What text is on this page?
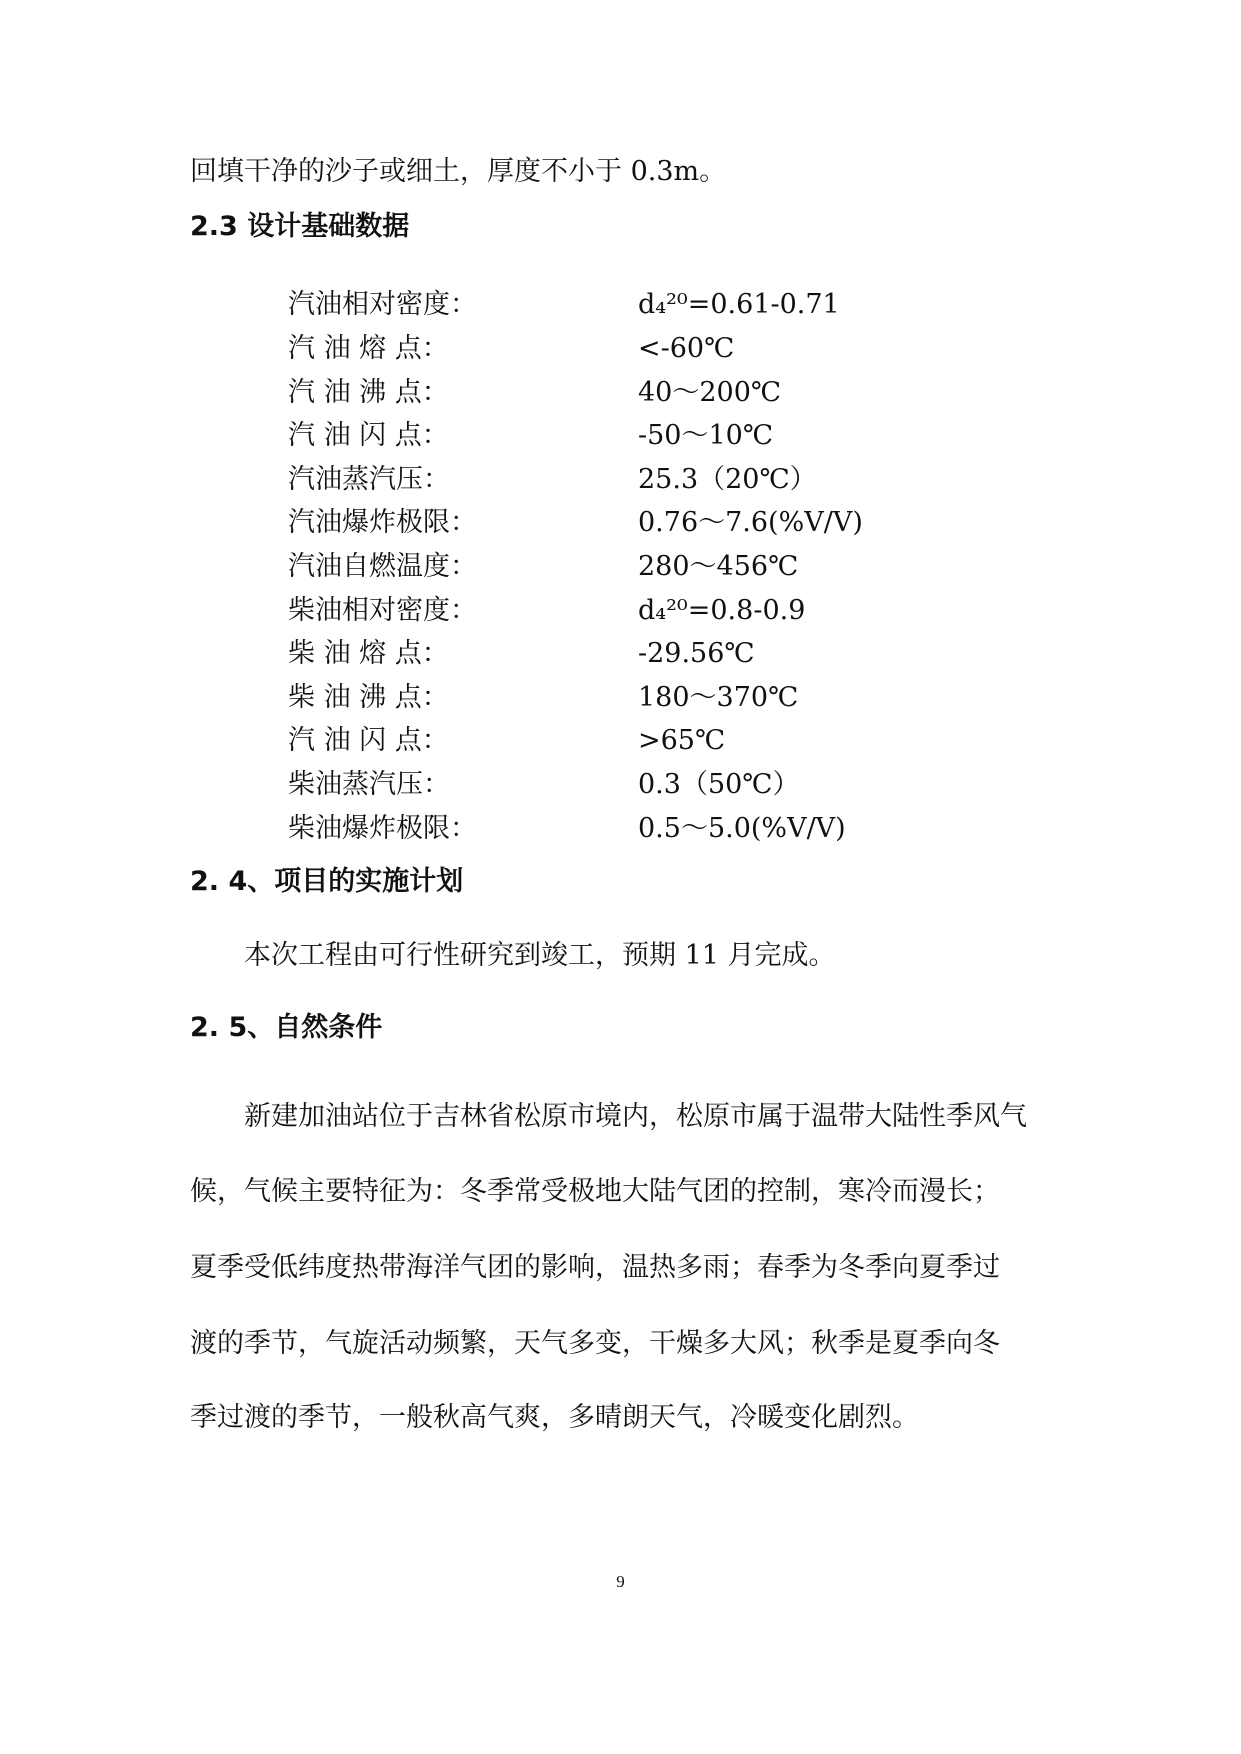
回填干净的沙子或细土，厚度不小于 0.3m。
2.3 设计基础数据
汽油相对密度：	d₄²⁰=0.61-0.71
汽 油 熔 点：	<-60℃
汽 油 沸 点：	40～200℃
汽 油 闪 点：	-50～10℃
汽油蒸汽压：	25.3（20℃）
汽油爆炸极限：	0.76～7.6(%V/V)
汽油自燃温度：	280～456℃
柴油相对密度：	d₄²⁰=0.8-0.9
柴 油 熔 点：	-29.56℃
柴 油 沸 点：	180～370℃
汽 油 闪 点：	>65℃
柴油蒸汽压：	0.3（50℃）
柴油爆炸极限：	0.5～5.0(%V/V)
2. 4、项目的实施计划
本次工程由可行性研究到竣工，预期 11 月完成。
2. 5、自然条件
新建加油站位于吉林省松原市境内，松原市属于温带大陆性季风气
候，气候主要特征为：冬季常受极地大陆气团的控制，寒冷而漫长；
夏季受低纬度热带海洋气团的影响，温热多雨；春季为冬季向夏季过
渡的季节，气旋活动频繁，天气多变，干燥多大风；秋季是夏季向冬
季过渡的季节，一般秋高气爽，多晴朗天气，冷暖变化剧烈。
9
